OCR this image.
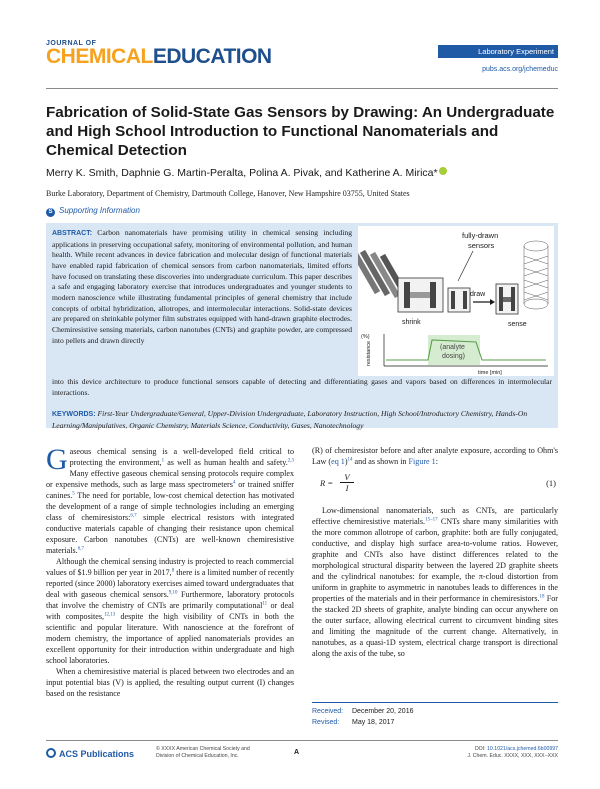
JOURNAL OF
CHEMICALEDUCATION	Laboratory Experiment
pubs.acs.org/jchemeduc
Fabrication of Solid-State Gas Sensors by Drawing: An Undergraduate and High School Introduction to Functional Nanomaterials and Chemical Detection
Merry K. Smith, Daphnie G. Martin-Peralta, Polina A. Pivak, and Katherine A. Mirica*
Burke Laboratory, Department of Chemistry, Dartmouth College, Hanover, New Hampshire 03755, United States
S Supporting Information
ABSTRACT: Carbon nanomaterials have promising utility in chemical sensing including applications in preserving occupational safety, monitoring of environmental pollution, and human health. While recent advances in device fabrication and molecular design of functional materials have enabled rapid fabrication of chemical sensors from carbon nanomaterials, limited efforts have focused on translating these discoveries into undergraduate curriculum. This paper describes a safe and engaging laboratory exercise that introduces undergraduates and younger students to modern nanoscience while illustrating fundamental principles of general chemistry that include concepts of orbital hybridization, allotropes, and intermolecular interactions. Solid-state devices are prepared on shrinkable polymer film substrates equipped with hand-drawn graphite electrodes. Chemiresistive sensing materials, carbon nanotubes (CNTs) and graphite powder, are compressed into pellets and drawn directly
into this device architecture to produce functional sensors capable of detecting and differentiating gases and vapors based on differences in intermolecular interactions.
shrink
draw
sense
fully-drawn
sensors
(analyte
dosing)
(%)
resistance
time [min]
KEYWORDS: First-Year Undergraduate/General, Upper-Division Undergraduate, Laboratory Instruction, High School/Introductory Chemistry, Hands-On Learning/Manipulatives, Organic Chemistry, Materials Science, Conductivity, Gases, Nanotechnology

Gaseous chemical sensing is a well-developed field critical to protecting the environment,$^1$ as well as human health and safety.$^{2,3}$ Many effective gaseous chemical sensing protocols require complex or expensive methods, such as large mass spectrometers$^4$ or trained sniffer canines.$^5$ The need for portable, low-cost chemical detection has motivated the development of a range of simple technologies including an emerging class of chemiresistors:$^{6,7}$ simple electrical resistors with integrated conductive materials capable of changing their resistance upon chemical exposure. Carbon nanotubes (CNTs) are well-known chemiresistive materials.$^{6,7}$

Although the chemical sensing industry is projected to reach commercial values of $1.9 billion per year in 2017,$^8$ there is a limited number of recently reported (since 2000) laboratory exercises aimed toward undergraduates that deal with gaseous chemical sensors.$^{9,10}$ Furthermore, laboratory protocols that involve the chemistry of CNTs are primarily computational$^{11}$ or deal with composites,$^{12,13}$ despite the high visibility of CNTs in both the scientific and popular literature. With nanoscience at the forefront of modern chemistry, the importance of applied nanomaterials provides an excellent opportunity for their introduction within undergraduate and high school laboratories.

When a chemiresistive material is placed between two electrodes and an input potential bias (V) is applied, the resulting output current (I) changes based on the resistance

(R) of chemiresistor before and after analyte exposure, according to Ohm's Law (eq 1)$^{14}$ and as shown in Figure 1:

$R = \frac{V}{I}$	(1)

Low-dimensional nanomaterials, such as CNTs, are particularly effective chemiresistive materials.$^{15-17}$ CNTs share many similarities with the more common allotrope of carbon, graphite: both are fully conjugated, conductive, and display high surface area-to-volume ratios. However, graphite and CNTs also have distinct differences related to the morphological structural disparity between the layered 2D graphite sheets and the cylindrical nanotubes: for example, the π-cloud distortion from uniform in graphite to asymmetric in nanotubes leads to differences in the properties of the materials and in their performance in chemiresistors.$^{18}$ For the stacked 2D sheets of graphite, analyte binding can occur anywhere on the outer surface, allowing electrical current to circumvent binding sites and limiting the magnitude of the current change. Alternatively, in nanotubes, as a quasi-1D system, electrical charge transport is directional along the axis of the tube, so

Received: December 20, 2016
Revised: May 18, 2017
ACS Publications	© XXXX American Chemical Society and
Division of Chemical Education, Inc.	A	DOI: 10.1021/acs.jchemed.6b00997
J. Chem. Educ. XXXX, XXX, XXX−XXX
